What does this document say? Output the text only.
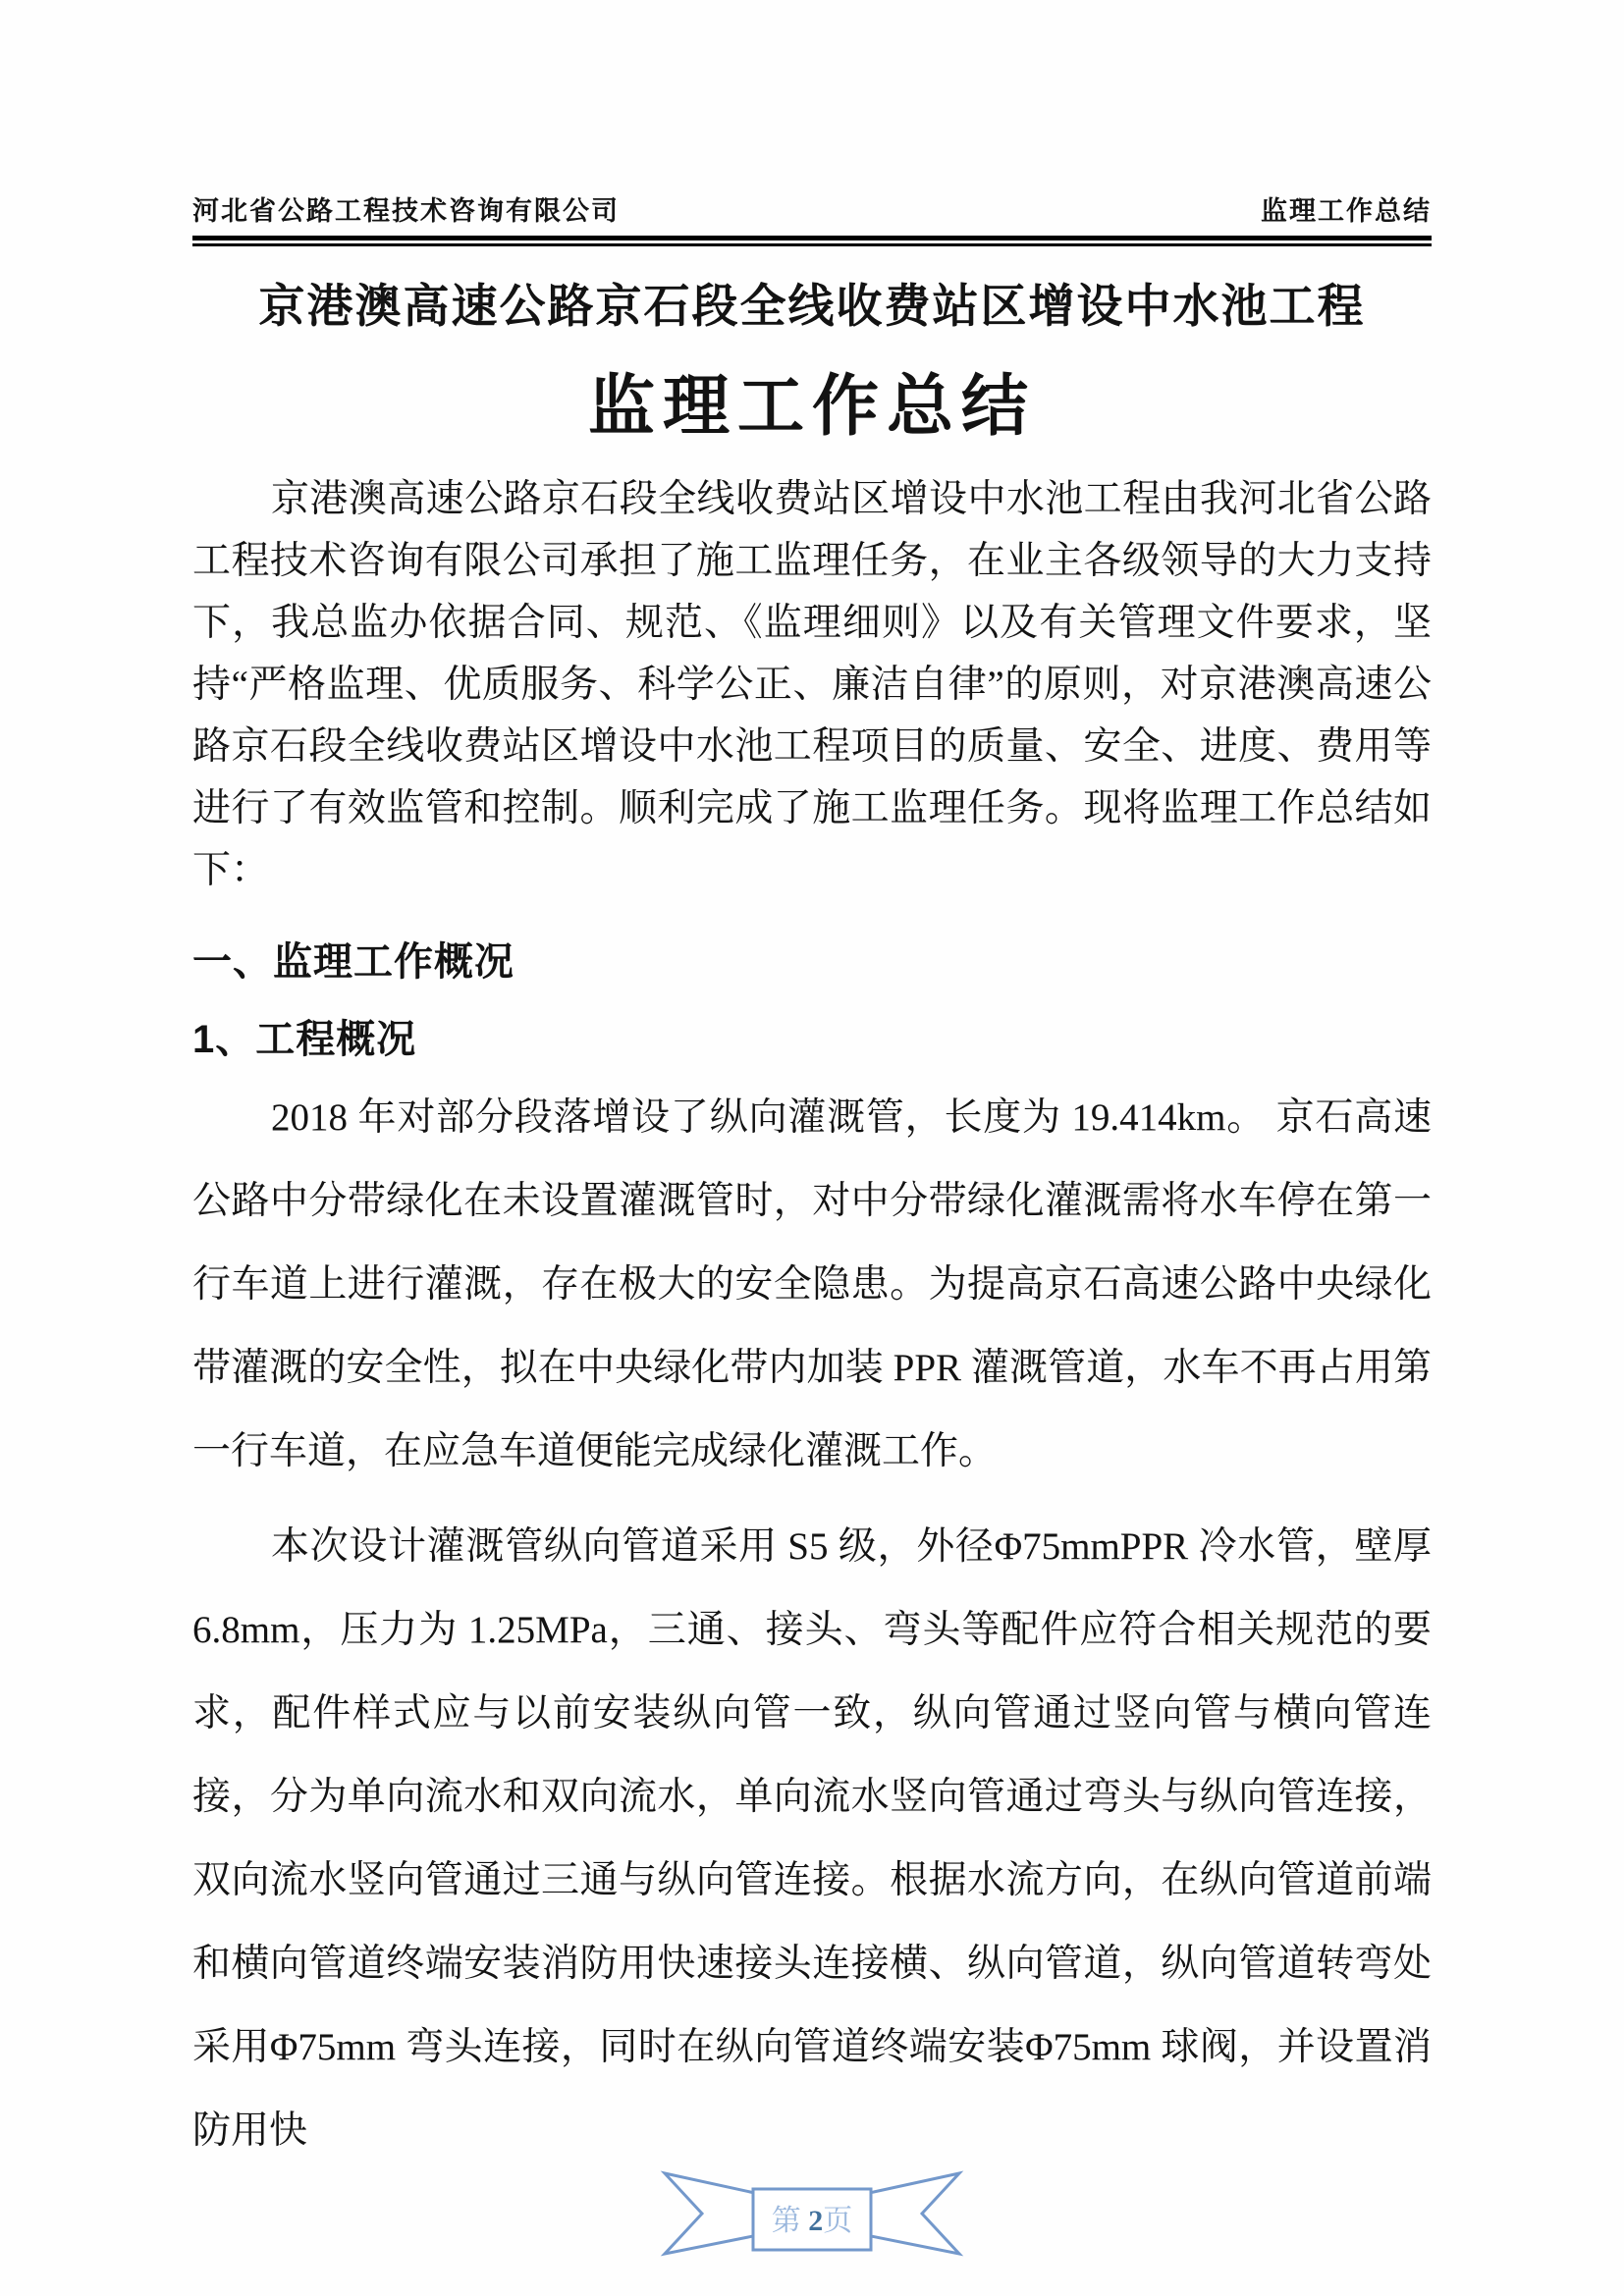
河北省公路工程技术咨询有限公司	监理工作总结
京港澳高速公路京石段全线收费站区增设中水池工程
监理工作总结

京港澳高速公路京石段全线收费站区增设中水池工程由我河北省公路工程技术咨询有限公司承担了施工监理任务，在业主各级领导的大力支持下，我总监办依据合同、规范、《监理细则》以及有关管理文件要求，坚持“严格监理、优质服务、科学公正、廉洁自律”的原则，对京港澳高速公路京石段全线收费站区增设中水池工程项目的质量、安全、进度、费用等进行了有效监管和控制。顺利完成了施工监理任务。现将监理工作总结如下：

一、监理工作概况
1、工程概况

2018 年对部分段落增设了纵向灌溉管，长度为 19.414km。 京石高速公路中分带绿化在未设置灌溉管时，对中分带绿化灌溉需将水车停在第一行车道上进行灌溉，存在极大的安全隐患。为提高京石高速公路中央绿化带灌溉的安全性，拟在中央绿化带内加装 PPR 灌溉管道，水车不再占用第一行车道，在应急车道便能完成绿化灌溉工作。

本次设计灌溉管纵向管道采用 S5 级，外径Φ75mmPPR 冷水管，壁厚 6.8mm，压力为 1.25MPa，三通、接头、弯头等配件应符合相关规范的要求，配件样式应与以前安装纵向管一致，纵向管通过竖向管与横向管连接，分为单向流水和双向流水，单向流水竖向管通过弯头与纵向管连接，双向流水竖向管通过三通与纵向管连接。根据水流方向，在纵向管道前端和横向管道终端安装消防用快速接头连接横、纵向管道，纵向管道转弯处采用Φ75mm 弯头连接，同时在纵向管道终端安装Φ75mm 球阀，并设置消防用快

第 2页
